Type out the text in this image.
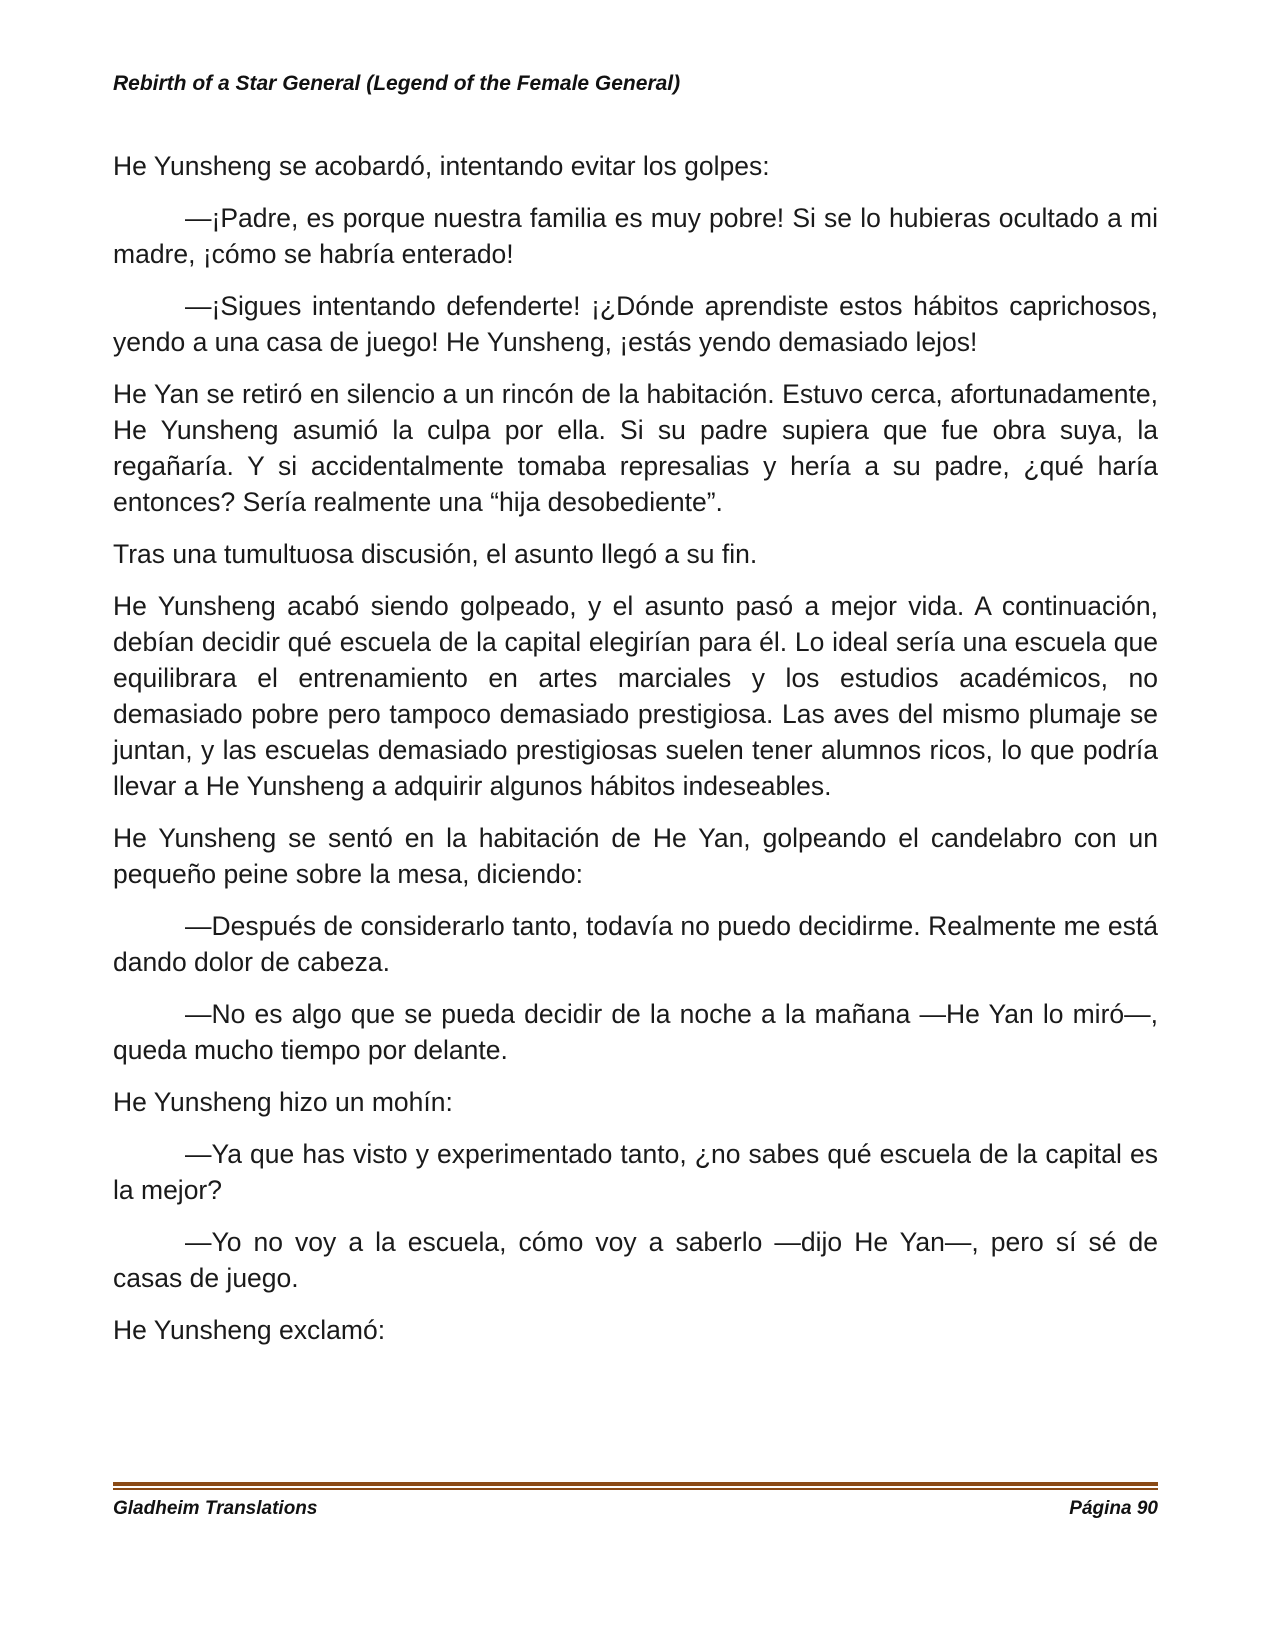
Rebirth of a Star General (Legend of the Female General)

He Yunsheng se acobardó, intentando evitar los golpes:

—¡Padre, es porque nuestra familia es muy pobre! Si se lo hubieras ocultado a mi madre, ¡cómo se habría enterado!

—¡Sigues intentando defenderte! ¡¿Dónde aprendiste estos hábitos caprichosos, yendo a una casa de juego! He Yunsheng, ¡estás yendo demasiado lejos!

He Yan se retiró en silencio a un rincón de la habitación. Estuvo cerca, afortunadamente, He Yunsheng asumió la culpa por ella. Si su padre supiera que fue obra suya, la regañaría. Y si accidentalmente tomaba represalias y hería a su padre, ¿qué haría entonces? Sería realmente una “hija desobediente”.

Tras una tumultuosa discusión, el asunto llegó a su fin.

He Yunsheng acabó siendo golpeado, y el asunto pasó a mejor vida. A continuación, debían decidir qué escuela de la capital elegirían para él. Lo ideal sería una escuela que equilibrara el entrenamiento en artes marciales y los estudios académicos, no demasiado pobre pero tampoco demasiado prestigiosa. Las aves del mismo plumaje se juntan, y las escuelas demasiado prestigiosas suelen tener alumnos ricos, lo que podría llevar a He Yunsheng a adquirir algunos hábitos indeseables.

He Yunsheng se sentó en la habitación de He Yan, golpeando el candelabro con un pequeño peine sobre la mesa, diciendo:

—Después de considerarlo tanto, todavía no puedo decidirme. Realmente me está dando dolor de cabeza.

—No es algo que se pueda decidir de la noche a la mañana —He Yan lo miró—, queda mucho tiempo por delante.

He Yunsheng hizo un mohín:

—Ya que has visto y experimentado tanto, ¿no sabes qué escuela de la capital es la mejor?

—Yo no voy a la escuela, cómo voy a saberlo —dijo He Yan—, pero sí sé de casas de juego.

He Yunsheng exclamó:

Gladheim Translations	Página 90
